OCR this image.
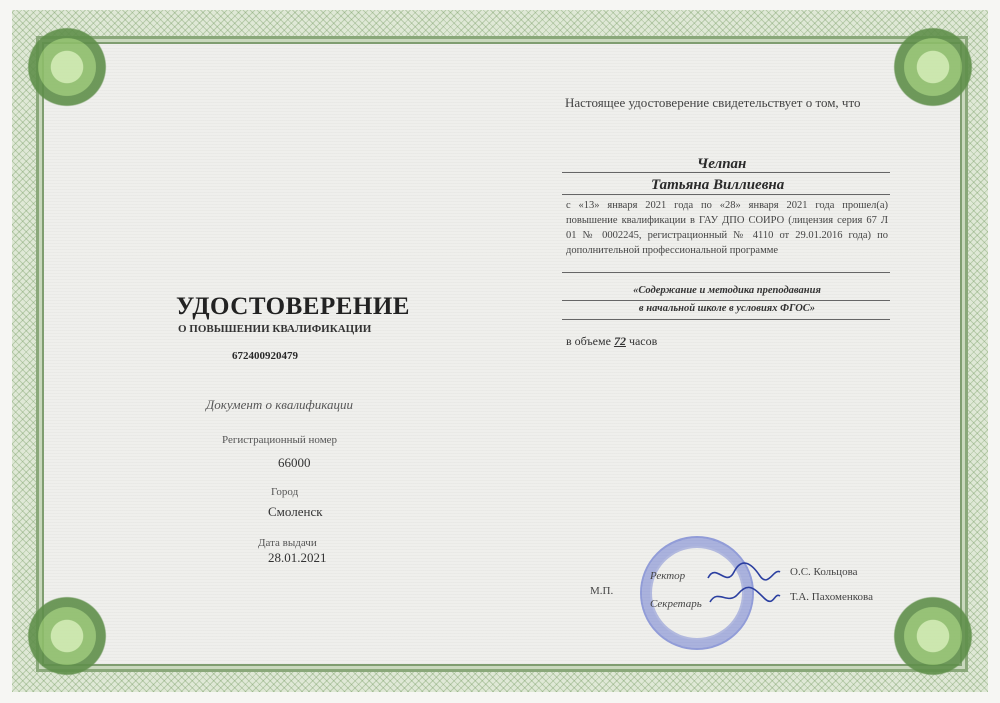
УДОСТОВЕРЕНИЕ
О ПОВЫШЕНИИ КВАЛИФИКАЦИИ
672400920479
Документ о квалификации
Регистрационный номер
66000
Город
Смоленск
Дата выдачи
28.01.2021
Настоящее удостоверение свидетельствует о том, что
Челпан
Татьяна Виллиевна
с «13» января 2021 года по «28» января 2021 года прошел(а) повышение квалификации в ГАУ ДПО СОИРО (лицензия серия 67 Л 01 № 0002245, регистрационный № 4110 от 29.01.2016 года) по дополнительной профессиональной программе
«Содержание и методика преподавания
в начальной школе в условиях ФГОС»
в объеме 72 часов
М.П.
Ректор
Секретарь
О.С. Кольцова
Т.А. Пахоменкова
